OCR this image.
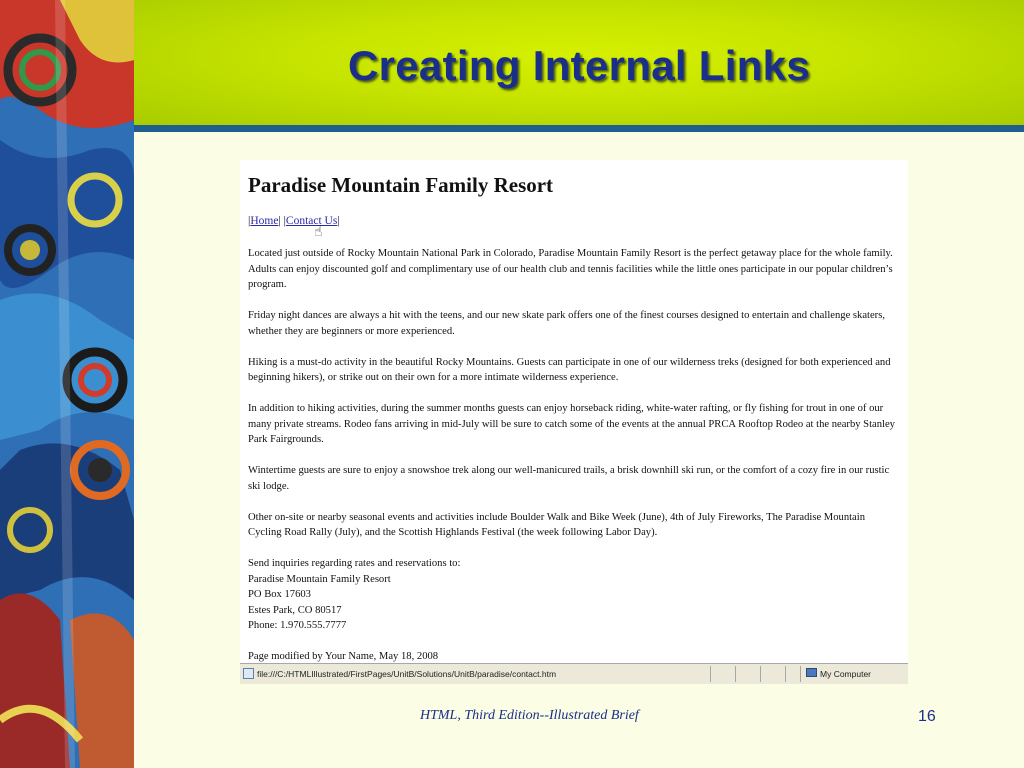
Creating Internal Links
Paradise Mountain Family Resort
|Home| |Contact Us|
☝

Located just outside of Rocky Mountain National Park in Colorado, Paradise Mountain Family Resort is the perfect getaway place for the whole family. Adults can enjoy discounted golf and complimentary use of our health club and tennis facilities while the little ones participate in our popular children’s program.

Friday night dances are always a hit with the teens, and our new skate park offers one of the finest courses designed to entertain and challenge skaters, whether they are beginners or more experienced.

Hiking is a must-do activity in the beautiful Rocky Mountains. Guests can participate in one of our wilderness treks (designed for both experienced and beginning hikers), or strike out on their own for a more intimate wilderness experience.

In addition to hiking activities, during the summer months guests can enjoy horseback riding, white-water rafting, or fly fishing for trout in one of our many private streams. Rodeo fans arriving in mid-July will be sure to catch some of the events at the annual PRCA Rooftop Rodeo at the nearby Stanley Park Fairgrounds.

Wintertime guests are sure to enjoy a snowshoe trek along our well-manicured trails, a brisk downhill ski run, or the comfort of a cozy fire in our rustic ski lodge.

Other on-site or nearby seasonal events and activities include Boulder Walk and Bike Week (June), 4th of July Fireworks, The Paradise Mountain Cycling Road Rally (July), and the Scottish Highlands Festival (the week following Labor Day).

Send inquiries regarding rates and reservations to:
Paradise Mountain Family Resort
PO Box 17603
Estes Park, CO 80517
Phone: 1.970.555.7777

Page modified by Your Name, May 18, 2008

file:///C:/HTMLIllustrated/FirstPages/UnitB/Solutions/UnitB/paradise/contact.htm	My Computer
HTML, Third Edition--Illustrated Brief	16
